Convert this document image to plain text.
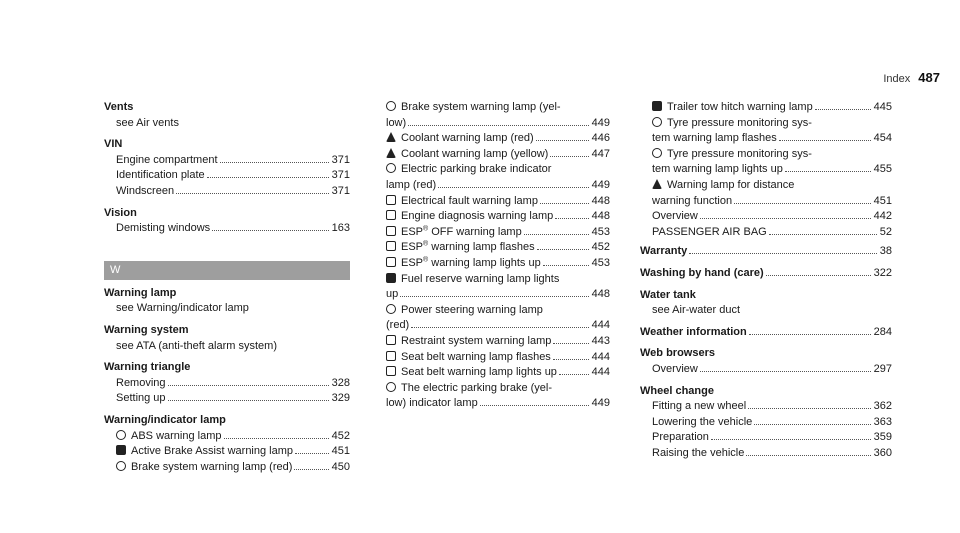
Index 487
Vents
see Air vents
VIN
Engine compartment	371
Identification plate	371
Windscreen	371
Vision
Demisting windows	163
W
Warning lamp
see Warning/indicator lamp
Warning system
see ATA (anti-theft alarm system)
Warning triangle
Removing	328
Setting up	329
Warning/indicator lamp
ABS warning lamp	452
Active Brake Assist warning lamp	451
Brake system warning lamp (red)	450
Brake system warning lamp (yel-
low)	449
Coolant warning lamp (red)	446
Coolant warning lamp (yellow)	447
Electric parking brake indicator
lamp (red)	449
Electrical fault warning lamp	448
Engine diagnosis warning lamp	448
ESP® OFF warning lamp	453
ESP® warning lamp flashes	452
ESP® warning lamp lights up	453
Fuel reserve warning lamp lights
up	448
Power steering warning lamp
(red)	444
Restraint system warning lamp	443
Seat belt warning lamp flashes	444
Seat belt warning lamp lights up	444
The electric parking brake (yel-
low) indicator lamp	449
Trailer tow hitch warning lamp	445
Tyre pressure monitoring sys-
tem warning lamp flashes	454
Tyre pressure monitoring sys-
tem warning lamp lights up	455
Warning lamp for distance
warning function	451
Overview	442
PASSENGER AIR BAG	52
Warranty	38
Washing by hand (care)	322
Water tank
see Air-water duct
Weather information	284
Web browsers
Overview	297
Wheel change
Fitting a new wheel	362
Lowering the vehicle	363
Preparation	359
Raising the vehicle	360
